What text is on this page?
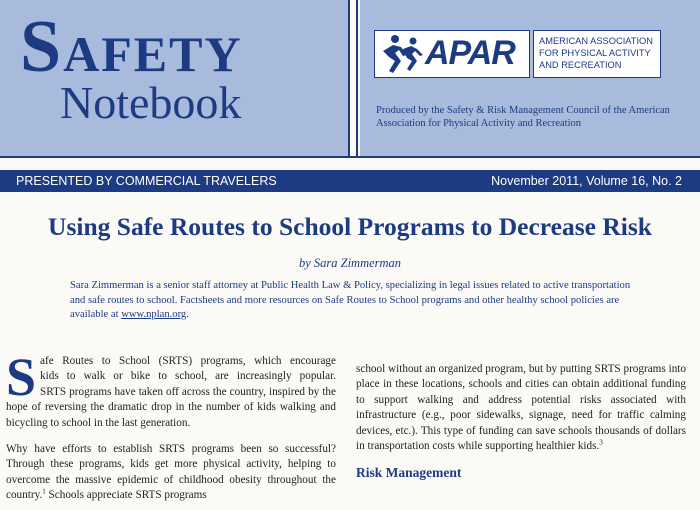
SAFETY
Notebook
APAR	AMERICAN ASSOCIATION
FOR PHYSICAL ACTIVITY
AND RECREATION
Produced by the Safety & Risk Management Council of the American Association for Physical Activity and Recreation
PRESENTED BY COMMERCIAL TRAVELERS	November 2011, Volume 16, No. 2
Using Safe Routes to School Programs to Decrease Risk
by Sara Zimmerman
Sara Zimmerman is a senior staff attorney at Public Health Law & Policy, specializing in legal issues related to active transportation and safe routes to school. Factsheets and more resources on Safe Routes to School programs and other healthy school policies are available at www.nplan.org.

S afe Routes to School (SRTS) programs, which encourage
kids to walk or bike to school, are increasingly popular.
SRTS programs have taken off across the country, inspired by the hope of reversing the dramatic drop in the number of kids walking and bicycling to school in the last generation.

Why have efforts to establish SRTS programs been so successful? Through these programs, kids get more physical activity, helping to overcome the massive epidemic of childhood obesity throughout the country.$^1$ Schools appreciate SRTS programs

school without an organized program, but by putting SRTS programs into place in these locations, schools and cities can obtain additional funding to support walking and address potential risks associated with infrastructure (e.g., poor sidewalks, signage, need for traffic calming devices, etc.). This type of funding can save schools thousands of dollars in transportation costs while supporting healthier kids.$^3$

Risk Management
